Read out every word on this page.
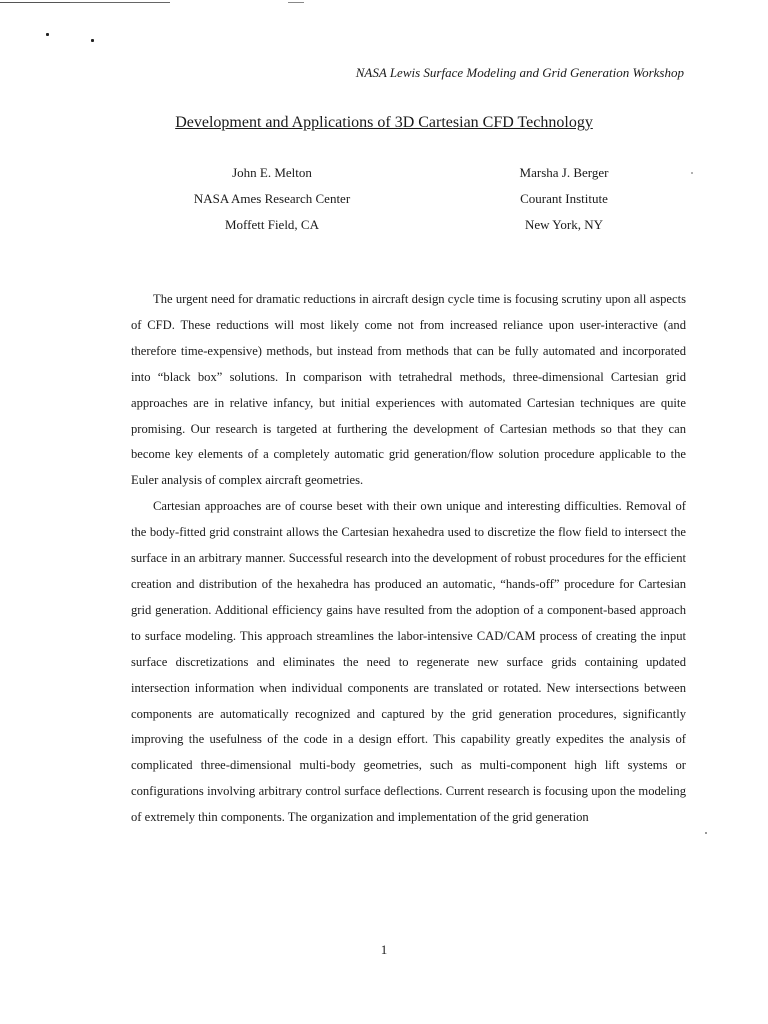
NASA Lewis Surface Modeling and Grid Generation Workshop
Development and Applications of 3D Cartesian CFD Technology
John E. Melton
NASA Ames Research Center
Moffett Field, CA
Marsha J. Berger
Courant Institute
New York, NY

The urgent need for dramatic reductions in aircraft design cycle time is focusing scrutiny upon all aspects of CFD. These reductions will most likely come not from increased reliance upon user-interactive (and therefore time-expensive) methods, but instead from methods that can be fully automated and incorporated into “black box” solutions. In comparison with tetrahedral methods, three-dimensional Cartesian grid approaches are in relative infancy, but initial experiences with automated Cartesian techniques are quite promising. Our research is targeted at furthering the development of Cartesian methods so that they can become key elements of a completely automatic grid generation/flow solution procedure applicable to the Euler analysis of complex aircraft geometries.

Cartesian approaches are of course beset with their own unique and interesting difficulties. Removal of the body-fitted grid constraint allows the Cartesian hexahedra used to discretize the flow field to intersect the surface in an arbitrary manner. Successful research into the development of robust procedures for the efficient creation and distribution of the hexahedra has produced an automatic, “hands-off” procedure for Cartesian grid generation. Additional efficiency gains have resulted from the adoption of a component-based approach to surface modeling. This approach streamlines the labor-intensive CAD/CAM process of creating the input surface discretizations and eliminates the need to regenerate new surface grids containing updated intersection information when individual components are translated or rotated. New intersections between components are automatically recognized and captured by the grid generation procedures, significantly improving the usefulness of the code in a design effort. This capability greatly expedites the analysis of complicated three-dimensional multi-body geometries, such as multi-component high lift systems or configurations involving arbitrary control surface deflections. Current research is focusing upon the modeling of extremely thin components. The organization and implementation of the grid generation

1
